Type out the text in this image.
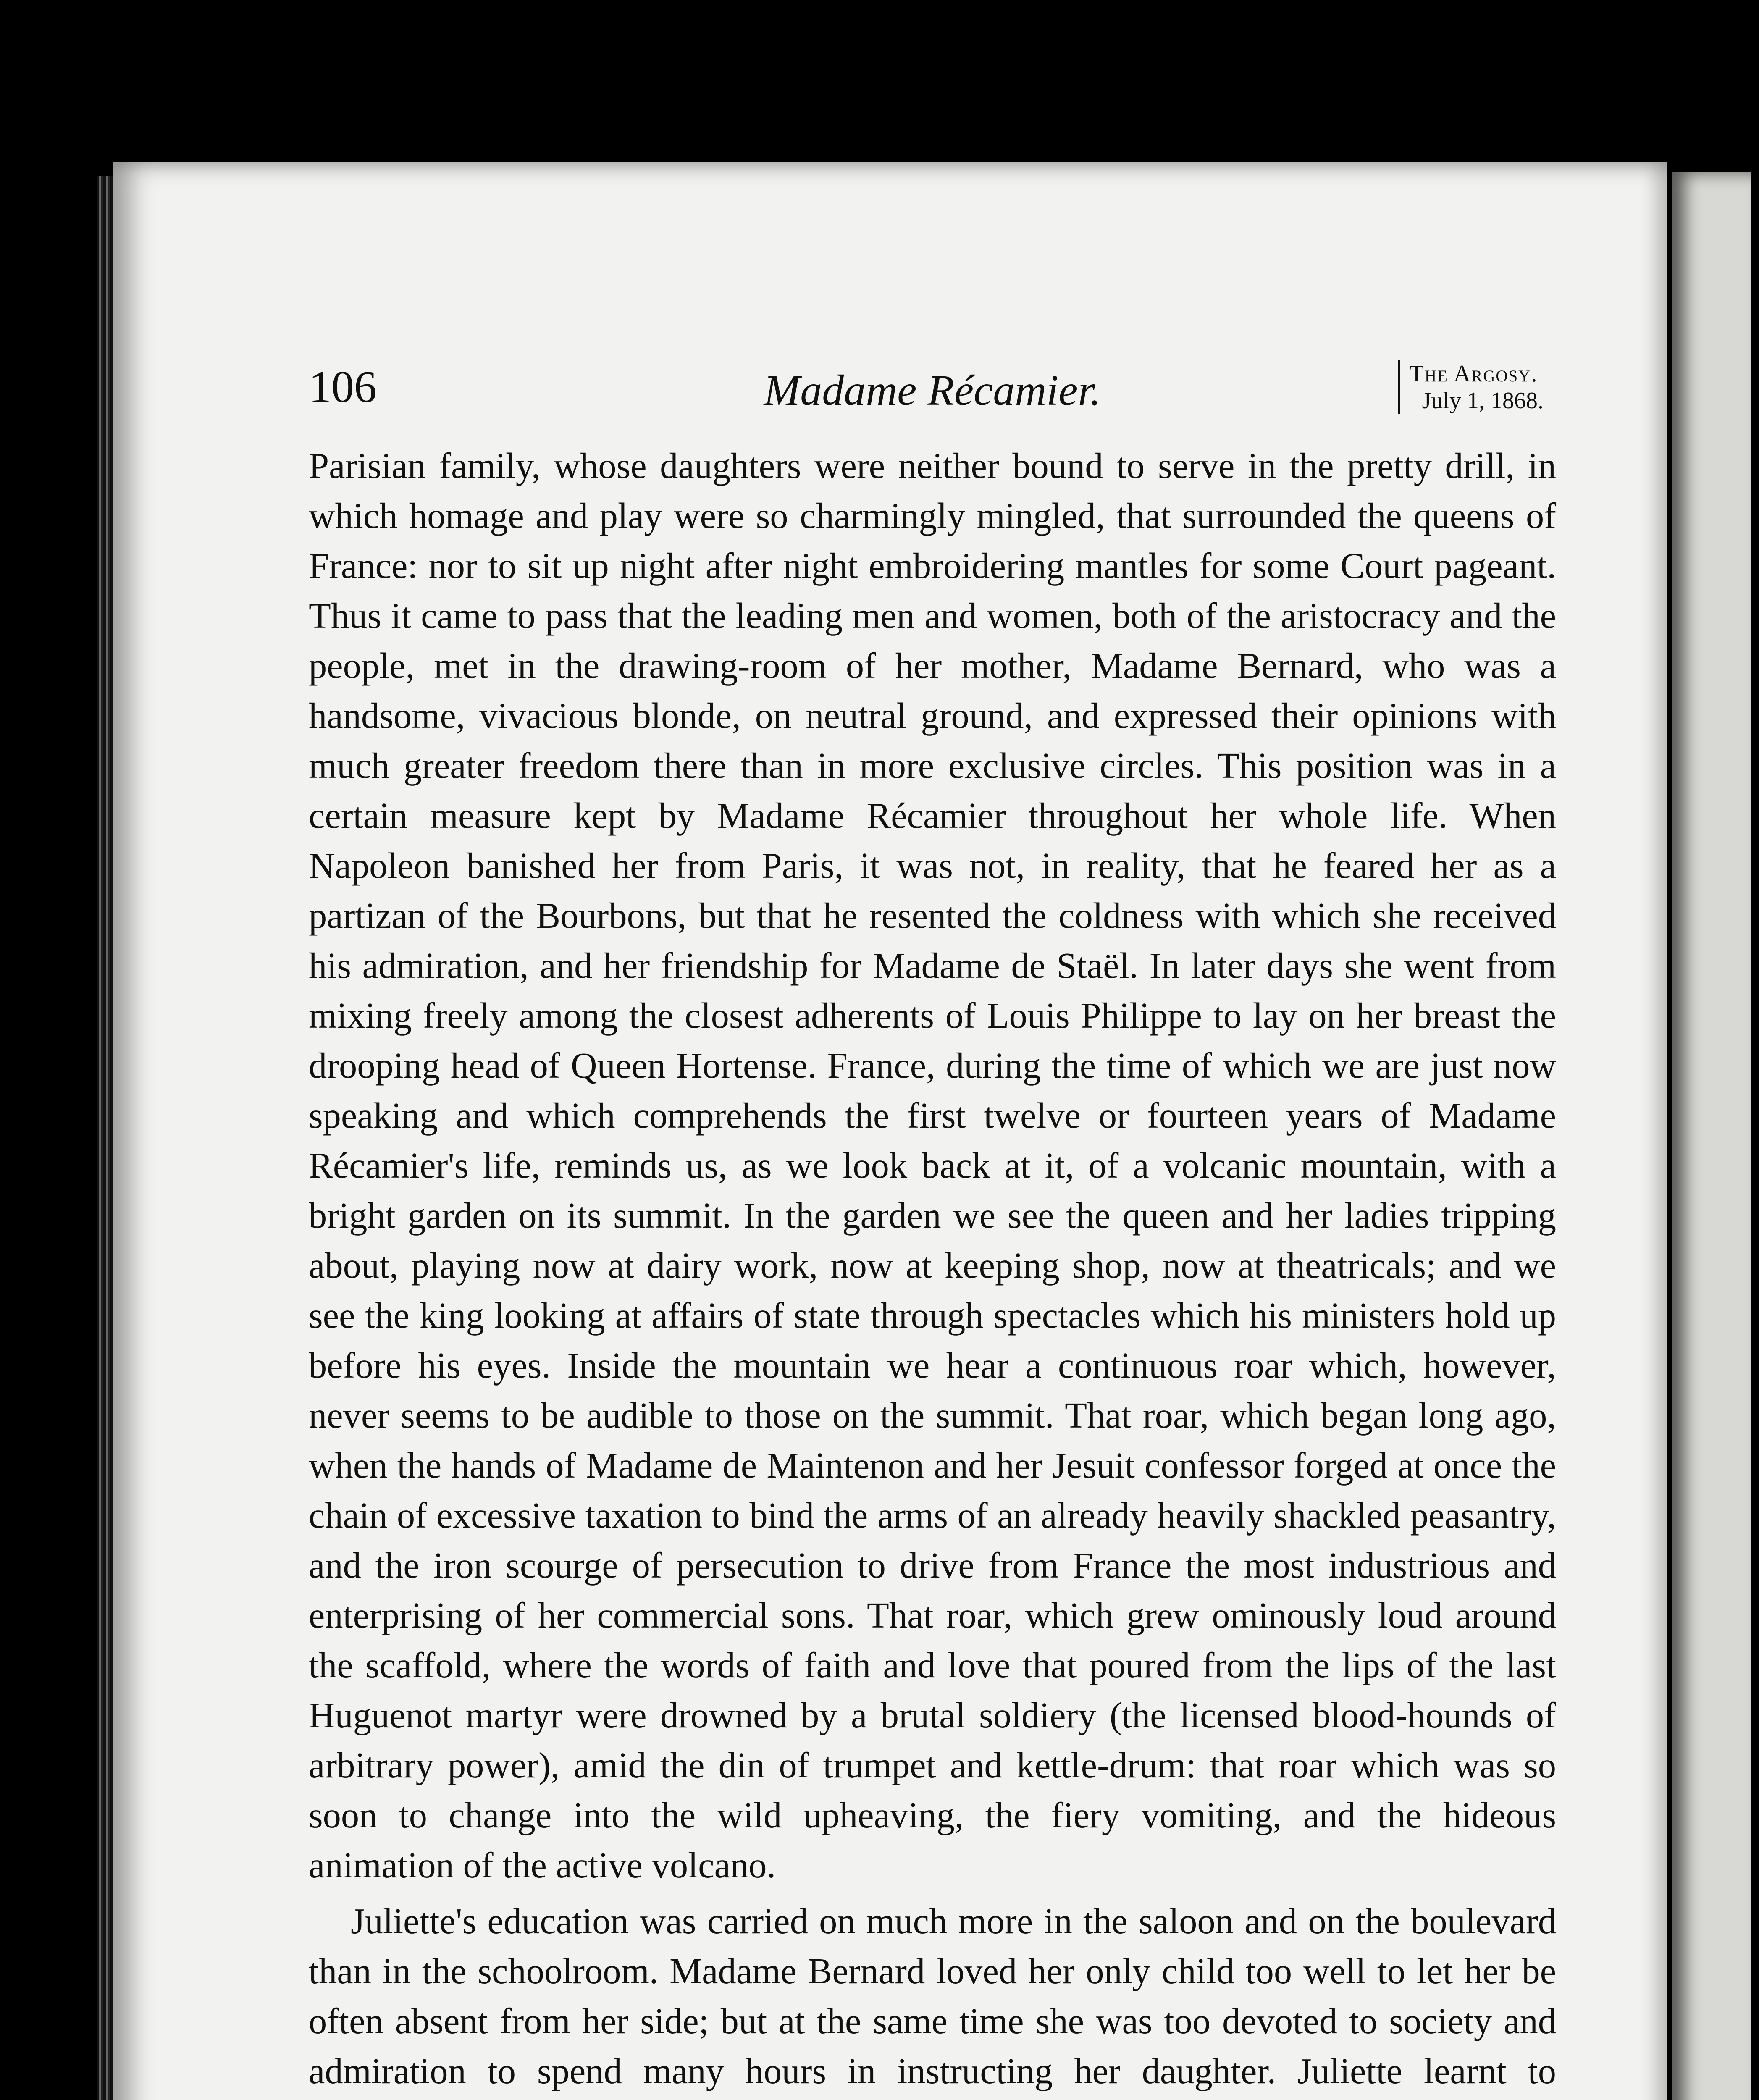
106	Madame Récamier.	The Argosy.
July 1, 1868.

Parisian family, whose daughters were neither bound to serve in the pretty drill, in which homage and play were so charmingly mingled, that surrounded the queens of France: nor to sit up night after night embroidering mantles for some Court pageant. Thus it came to pass that the leading men and women, both of the aristocracy and the people, met in the drawing-room of her mother, Madame Bernard, who was a handsome, vivacious blonde, on neutral ground, and expressed their opinions with much greater freedom there than in more exclusive circles. This position was in a certain measure kept by Madame Récamier throughout her whole life. When Napoleon banished her from Paris, it was not, in reality, that he feared her as a partizan of the Bourbons, but that he resented the coldness with which she received his admiration, and her friendship for Madame de Staël. In later days she went from mixing freely among the closest adherents of Louis Philippe to lay on her breast the drooping head of Queen Hortense. France, during the time of which we are just now speaking and which comprehends the first twelve or fourteen years of Madame Récamier's life, reminds us, as we look back at it, of a volcanic mountain, with a bright garden on its summit. In the garden we see the queen and her ladies tripping about, playing now at dairy work, now at keeping shop, now at theatricals; and we see the king looking at affairs of state through spectacles which his ministers hold up before his eyes. Inside the mountain we hear a continuous roar which, however, never seems to be audible to those on the summit. That roar, which began long ago, when the hands of Madame de Maintenon and her Jesuit confessor forged at once the chain of excessive taxation to bind the arms of an already heavily shackled peasantry, and the iron scourge of persecution to drive from France the most industrious and enterprising of her commercial sons. That roar, which grew ominously loud around the scaffold, where the words of faith and love that poured from the lips of the last Huguenot martyr were drowned by a brutal soldiery (the licensed blood-hounds of arbitrary power), amid the din of trumpet and kettle-drum: that roar which was so soon to change into the wild upheaving, the fiery vomiting, and the hideous animation of the active volcano.

Juliette's education was carried on much more in the saloon and on the boulevard than in the schoolroom. Madame Bernard loved her only child too well to let her be often absent from her side; but at the same time she was too devoted to society and admiration to spend many hours in instructing her daughter. Juliette learnt to
